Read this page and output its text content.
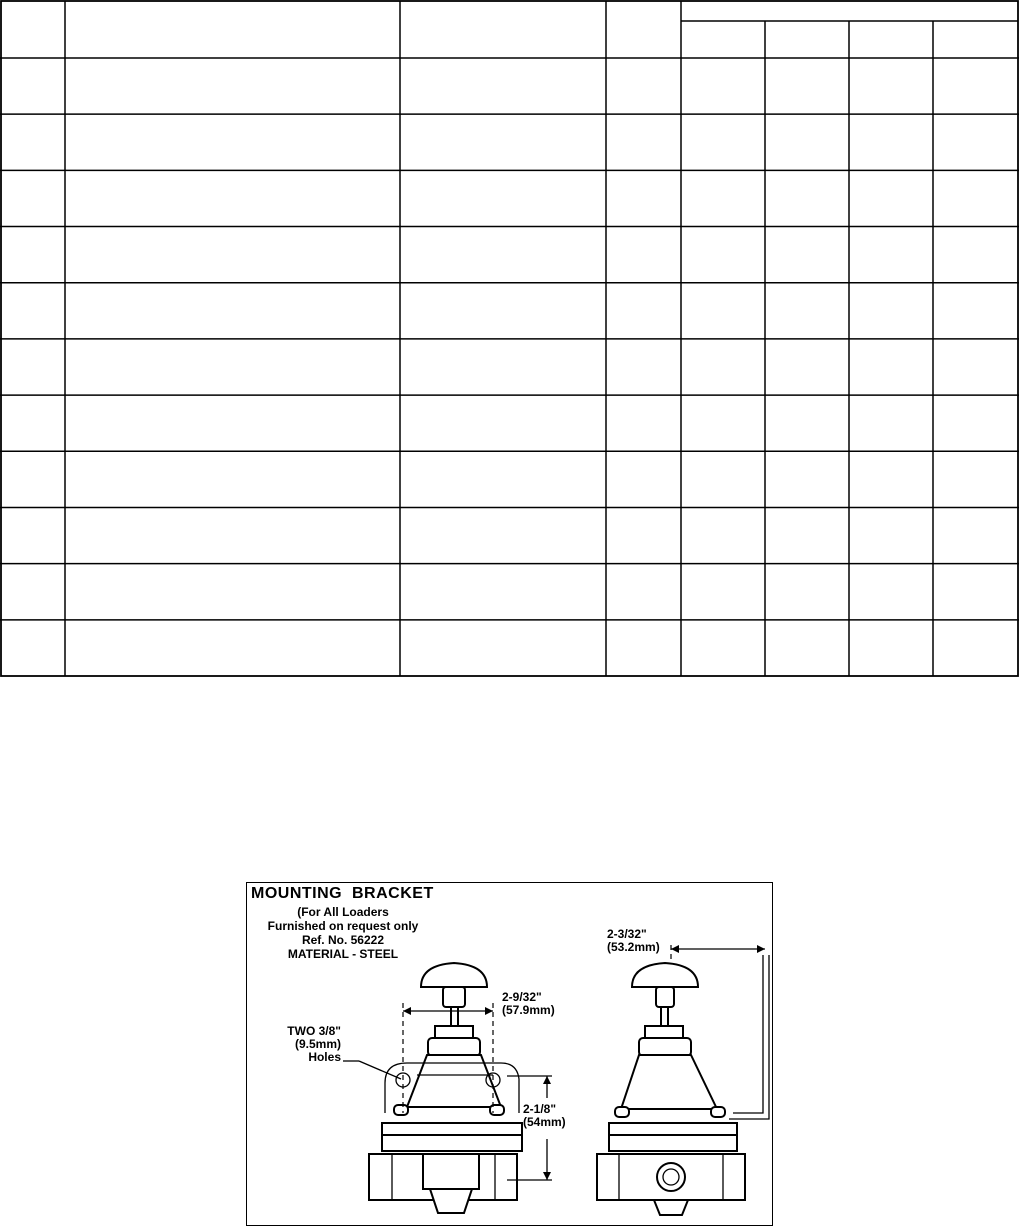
MOUNTING  BRACKET
(For All Loaders
Furnished on request only
Ref. No. 56222
MATERIAL - STEEL
2-3/32"
(53.2mm)
2-9/32"
(57.9mm)
TWO 3/8"
(9.5mm)
Holes
2-1/8"
(54mm)
